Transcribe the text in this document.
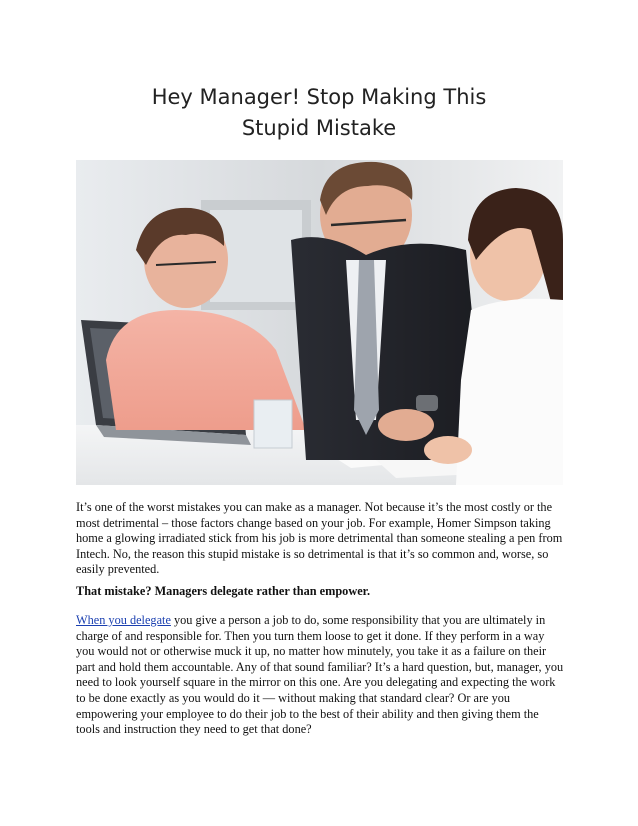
Hey Manager! Stop Making This
Stupid Mistake

It’s one of the worst mistakes you can make as a manager. Not because it’s the most costly or the most detrimental – those factors change based on your job. For example, Homer Simpson taking home a glowing irradiated stick from his job is more detrimental than someone stealing a pen from Intech. No, the reason this stupid mistake is so detrimental is that it’s so common and, worse, so easily prevented.

That mistake? Managers delegate rather than empower.

When you delegate you give a person a job to do, some responsibility that you are ultimately in charge of and responsible for. Then you turn them loose to get it done. If they perform in a way you would not or otherwise muck it up, no matter how minutely, you take it as a failure on their part and hold them accountable. Any of that sound familiar? It’s a hard question, but, manager, you need to look yourself square in the mirror on this one. Are you delegating and expecting the work to be done exactly as you would do it — without making that standard clear? Or are you empowering your employee to do their job to the best of their ability and then giving them the tools and instruction they need to get that done?
